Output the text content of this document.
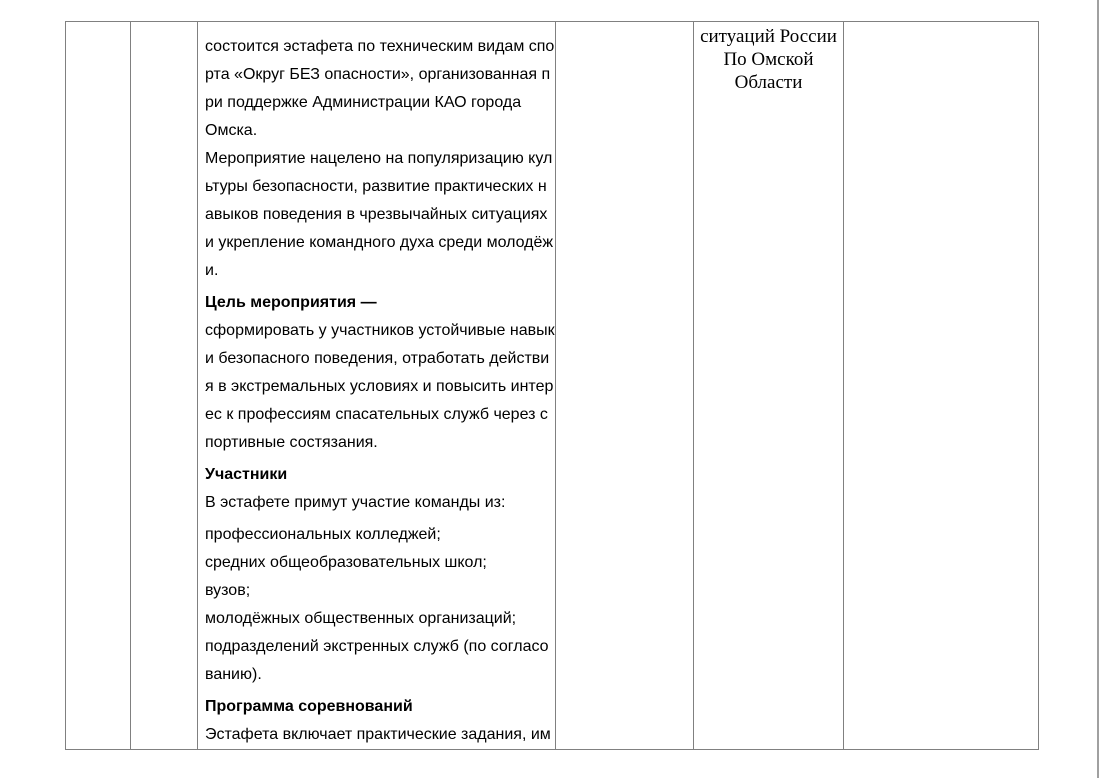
состоится эстафета по техническим видам спо
рта «Округ БЕЗ опасности», организованная п
ри поддержке Администрации КАО города
Омска.
Мероприятие нацелено на популяризацию кул
ьтуры безопасности, развитие практических н
авыков поведения в чрезвычайных ситуациях
и укрепление командного духа среди молодёж
и.
Цель мероприятия —
сформировать у участников устойчивые навык
и безопасного поведения, отработать действи
я в экстремальных условиях и повысить интер
ес к профессиям спасательных служб через с
портивные состязания.
Участники
В эстафете примут участие команды из:
профессиональных колледжей;
средних общеобразовательных школ;
вузов;
молодёжных общественных организаций;
подразделений экстренных служб (по согласо
ванию).
Программа соревнований
Эстафета включает практические задания, им
ситуаций России
По Омской
Области
